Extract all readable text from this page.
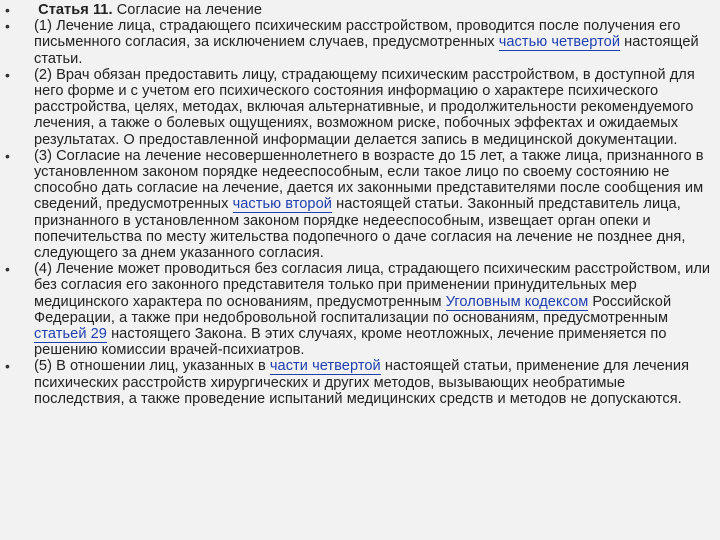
• Статья 11. Согласие на лечение
• (1) Лечение лица, страдающего психическим расстройством, проводится после получения его письменного согласия, за исключением случаев, предусмотренных частью четвертой настоящей статьи.
• (2) Врач обязан предоставить лицу, страдающему психическим расстройством, в доступной для него форме и с учетом его психического состояния информацию о характере психического расстройства, целях, методах, включая альтернативные, и продолжительности рекомендуемого лечения, а также о болевых ощущениях, возможном риске, побочных эффектах и ожидаемых результатах. О предоставленной информации делается запись в медицинской документации.
• (3) Согласие на лечение несовершеннолетнего в возрасте до 15 лет, а также лица, признанного в установленном законом порядке недееспособным, если такое лицо по своему состоянию не способно дать согласие на лечение, дается их законными представителями после сообщения им сведений, предусмотренных частью второй настоящей статьи. Законный представитель лица, признанного в установленном законом порядке недееспособным, извещает орган опеки и попечительства по месту жительства подопечного о даче согласия на лечение не позднее дня, следующего за днем указанного согласия.
• (4) Лечение может проводиться без согласия лица, страдающего психическим расстройством, или без согласия его законного представителя только при применении принудительных мер медицинского характера по основаниям, предусмотренным Уголовным кодексом Российской Федерации, а также при недобровольной госпитализации по основаниям, предусмотренным статьей 29 настоящего Закона. В этих случаях, кроме неотложных, лечение применяется по решению комиссии врачей-психиатров.
• (5) В отношении лиц, указанных в части четвертой настоящей статьи, применение для лечения психических расстройств хирургических и других методов, вызывающих необратимые последствия, а также проведение испытаний медицинских средств и методов не допускаются.
